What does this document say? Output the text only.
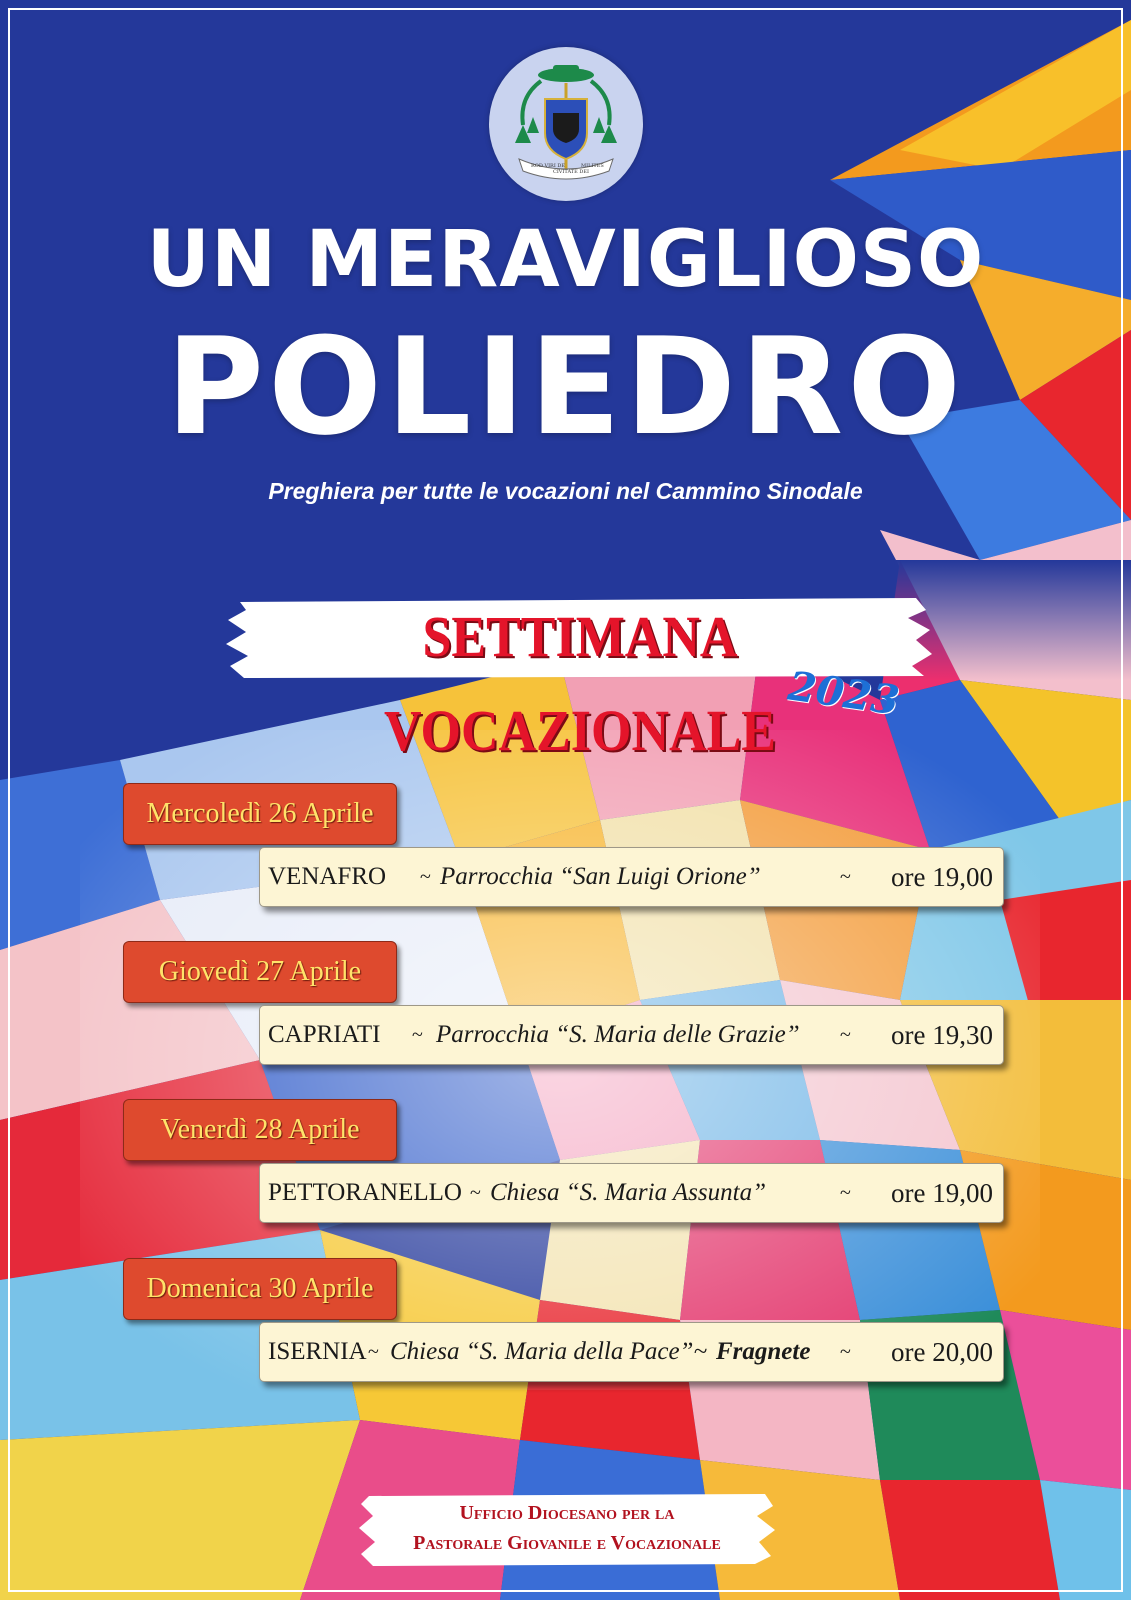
ROD VIRI DE
CIVITATE DEI
MILITES
UN MERAVIGLIOSO
POLIEDRO
Preghiera per tutte le vocazioni nel Cammino Sinodale
SETTIMANA VOCAZIONALE
2023
Mercoledì 26 Aprile
VENAFRO ~ Parrocchia “San Luigi Orione”	~ ore 19,00
Giovedì 27 Aprile
CAPRIATI ~ Parrocchia “S. Maria delle Grazie” ~ ore 19,30
Venerdì 28 Aprile
PETTORANELLO ~ Chiesa “S. Maria Assunta”	~ ore 19,00
Domenica 30 Aprile
ISERNIA ~ Chiesa “S. Maria della Pace”~ Fragnete ~ ore 20,00
Ufficio Diocesano per la
Pastorale Giovanile e Vocazionale
